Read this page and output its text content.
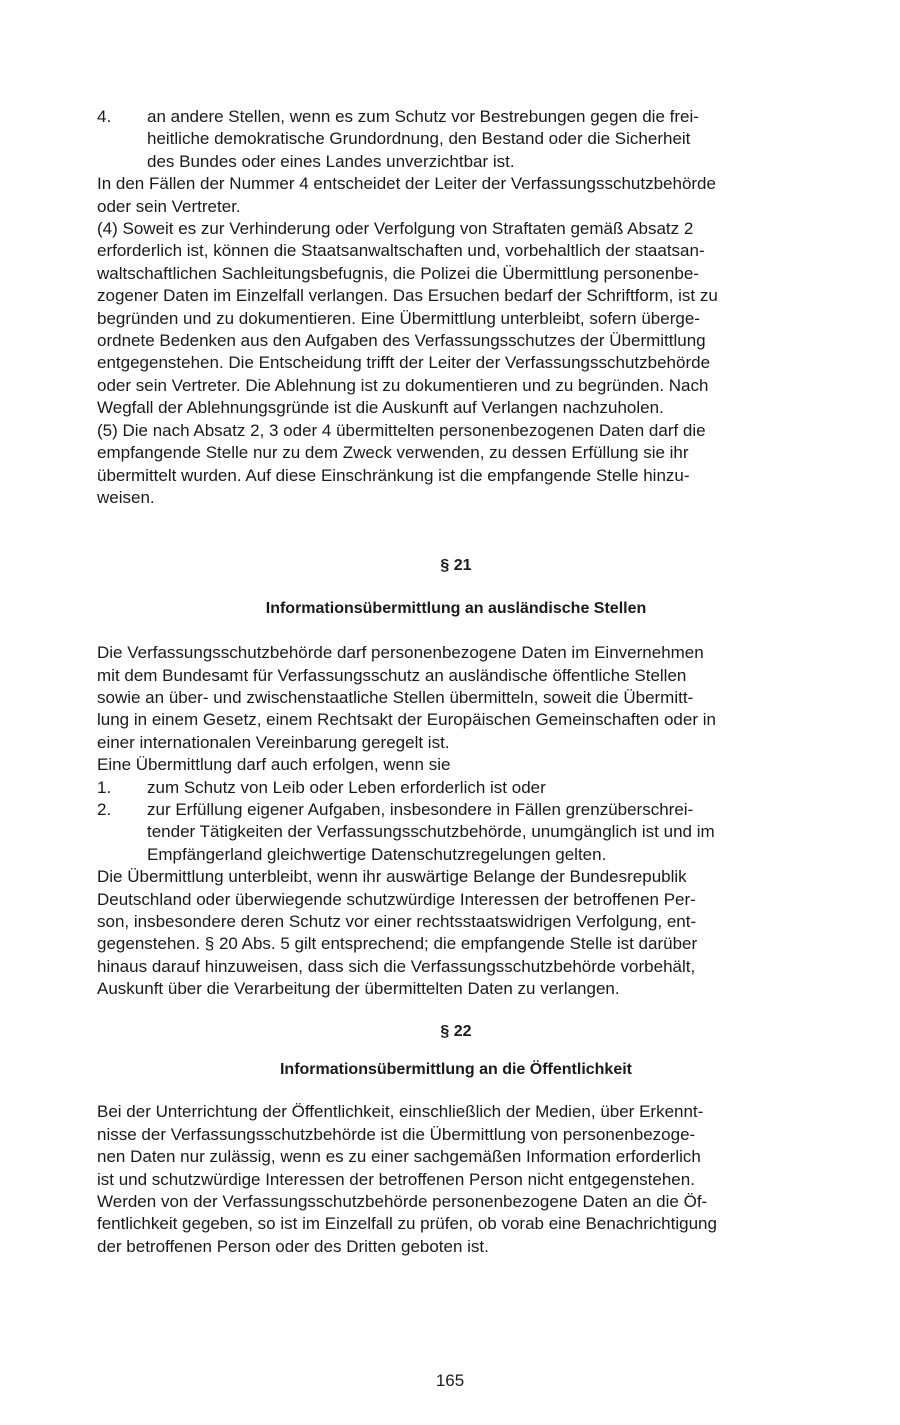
4. an andere Stellen, wenn es zum Schutz vor Bestrebungen gegen die frei-
heitliche demokratische Grundordnung, den Bestand oder die Sicherheit
des Bundes oder eines Landes unverzichtbar ist.

In den Fällen der Nummer 4 entscheidet der Leiter der Verfassungsschutzbehörde
oder sein Vertreter.

(4) Soweit es zur Verhinderung oder Verfolgung von Straftaten gemäß Absatz 2
erforderlich ist, können die Staatsanwaltschaften und, vorbehaltlich der staatsan-
waltschaftlichen Sachleitungsbefugnis, die Polizei die Übermittlung personenbe-
zogener Daten im Einzelfall verlangen. Das Ersuchen bedarf der Schriftform, ist zu
begründen und zu dokumentieren. Eine Übermittlung unterbleibt, sofern überge-
ordnete Bedenken aus den Aufgaben des Verfassungsschutzes der Übermittlung
entgegenstehen. Die Entscheidung trifft der Leiter der Verfassungsschutzbehörde
oder sein Vertreter. Die Ablehnung ist zu dokumentieren und zu begründen. Nach
Wegfall der Ablehnungsgründe ist die Auskunft auf Verlangen nachzuholen.

(5) Die nach Absatz 2, 3 oder 4 übermittelten personenbezogenen Daten darf die
empfangende Stelle nur zu dem Zweck verwenden, zu dessen Erfüllung sie ihr
übermittelt wurden. Auf diese Einschränkung ist die empfangende Stelle hinzu-
weisen.

§ 21
Informationsübermittlung an ausländische Stellen

Die Verfassungsschutzbehörde darf personenbezogene Daten im Einvernehmen
mit dem Bundesamt für Verfassungsschutz an ausländische öffentliche Stellen
sowie an über- und zwischenstaatliche Stellen übermitteln, soweit die Übermitt-
lung in einem Gesetz, einem Rechtsakt der Europäischen Gemeinschaften oder in
einer internationalen Vereinbarung geregelt ist.

Eine Übermittlung darf auch erfolgen, wenn sie

1. zum Schutz von Leib oder Leben erforderlich ist oder
2. zur Erfüllung eigener Aufgaben, insbesondere in Fällen grenzüberschrei-
tender Tätigkeiten der Verfassungsschutzbehörde, unumgänglich ist und im
Empfängerland gleichwertige Datenschutzregelungen gelten.

Die Übermittlung unterbleibt, wenn ihr auswärtige Belange der Bundesrepublik
Deutschland oder überwiegende schutzwürdige Interessen der betroffenen Per-
son, insbesondere deren Schutz vor einer rechtsstaatswidrigen Verfolgung, ent-
gegenstehen. § 20 Abs. 5 gilt entsprechend; die empfangende Stelle ist darüber
hinaus darauf hinzuweisen, dass sich die Verfassungsschutzbehörde vorbehält,
Auskunft über die Verarbeitung der übermittelten Daten zu verlangen.

§ 22
Informationsübermittlung an die Öffentlichkeit

Bei der Unterrichtung der Öffentlichkeit, einschließlich der Medien, über Erkennt-
nisse der Verfassungsschutzbehörde ist die Übermittlung von personenbezoge-
nen Daten nur zulässig, wenn es zu einer sachgemäßen Information erforderlich
ist und schutzwürdige Interessen der betroffenen Person nicht entgegenstehen.
Werden von der Verfassungsschutzbehörde personenbezogene Daten an die Öf-
fentlichkeit gegeben, so ist im Einzelfall zu prüfen, ob vorab eine Benachrichtigung
der betroffenen Person oder des Dritten geboten ist.

165
